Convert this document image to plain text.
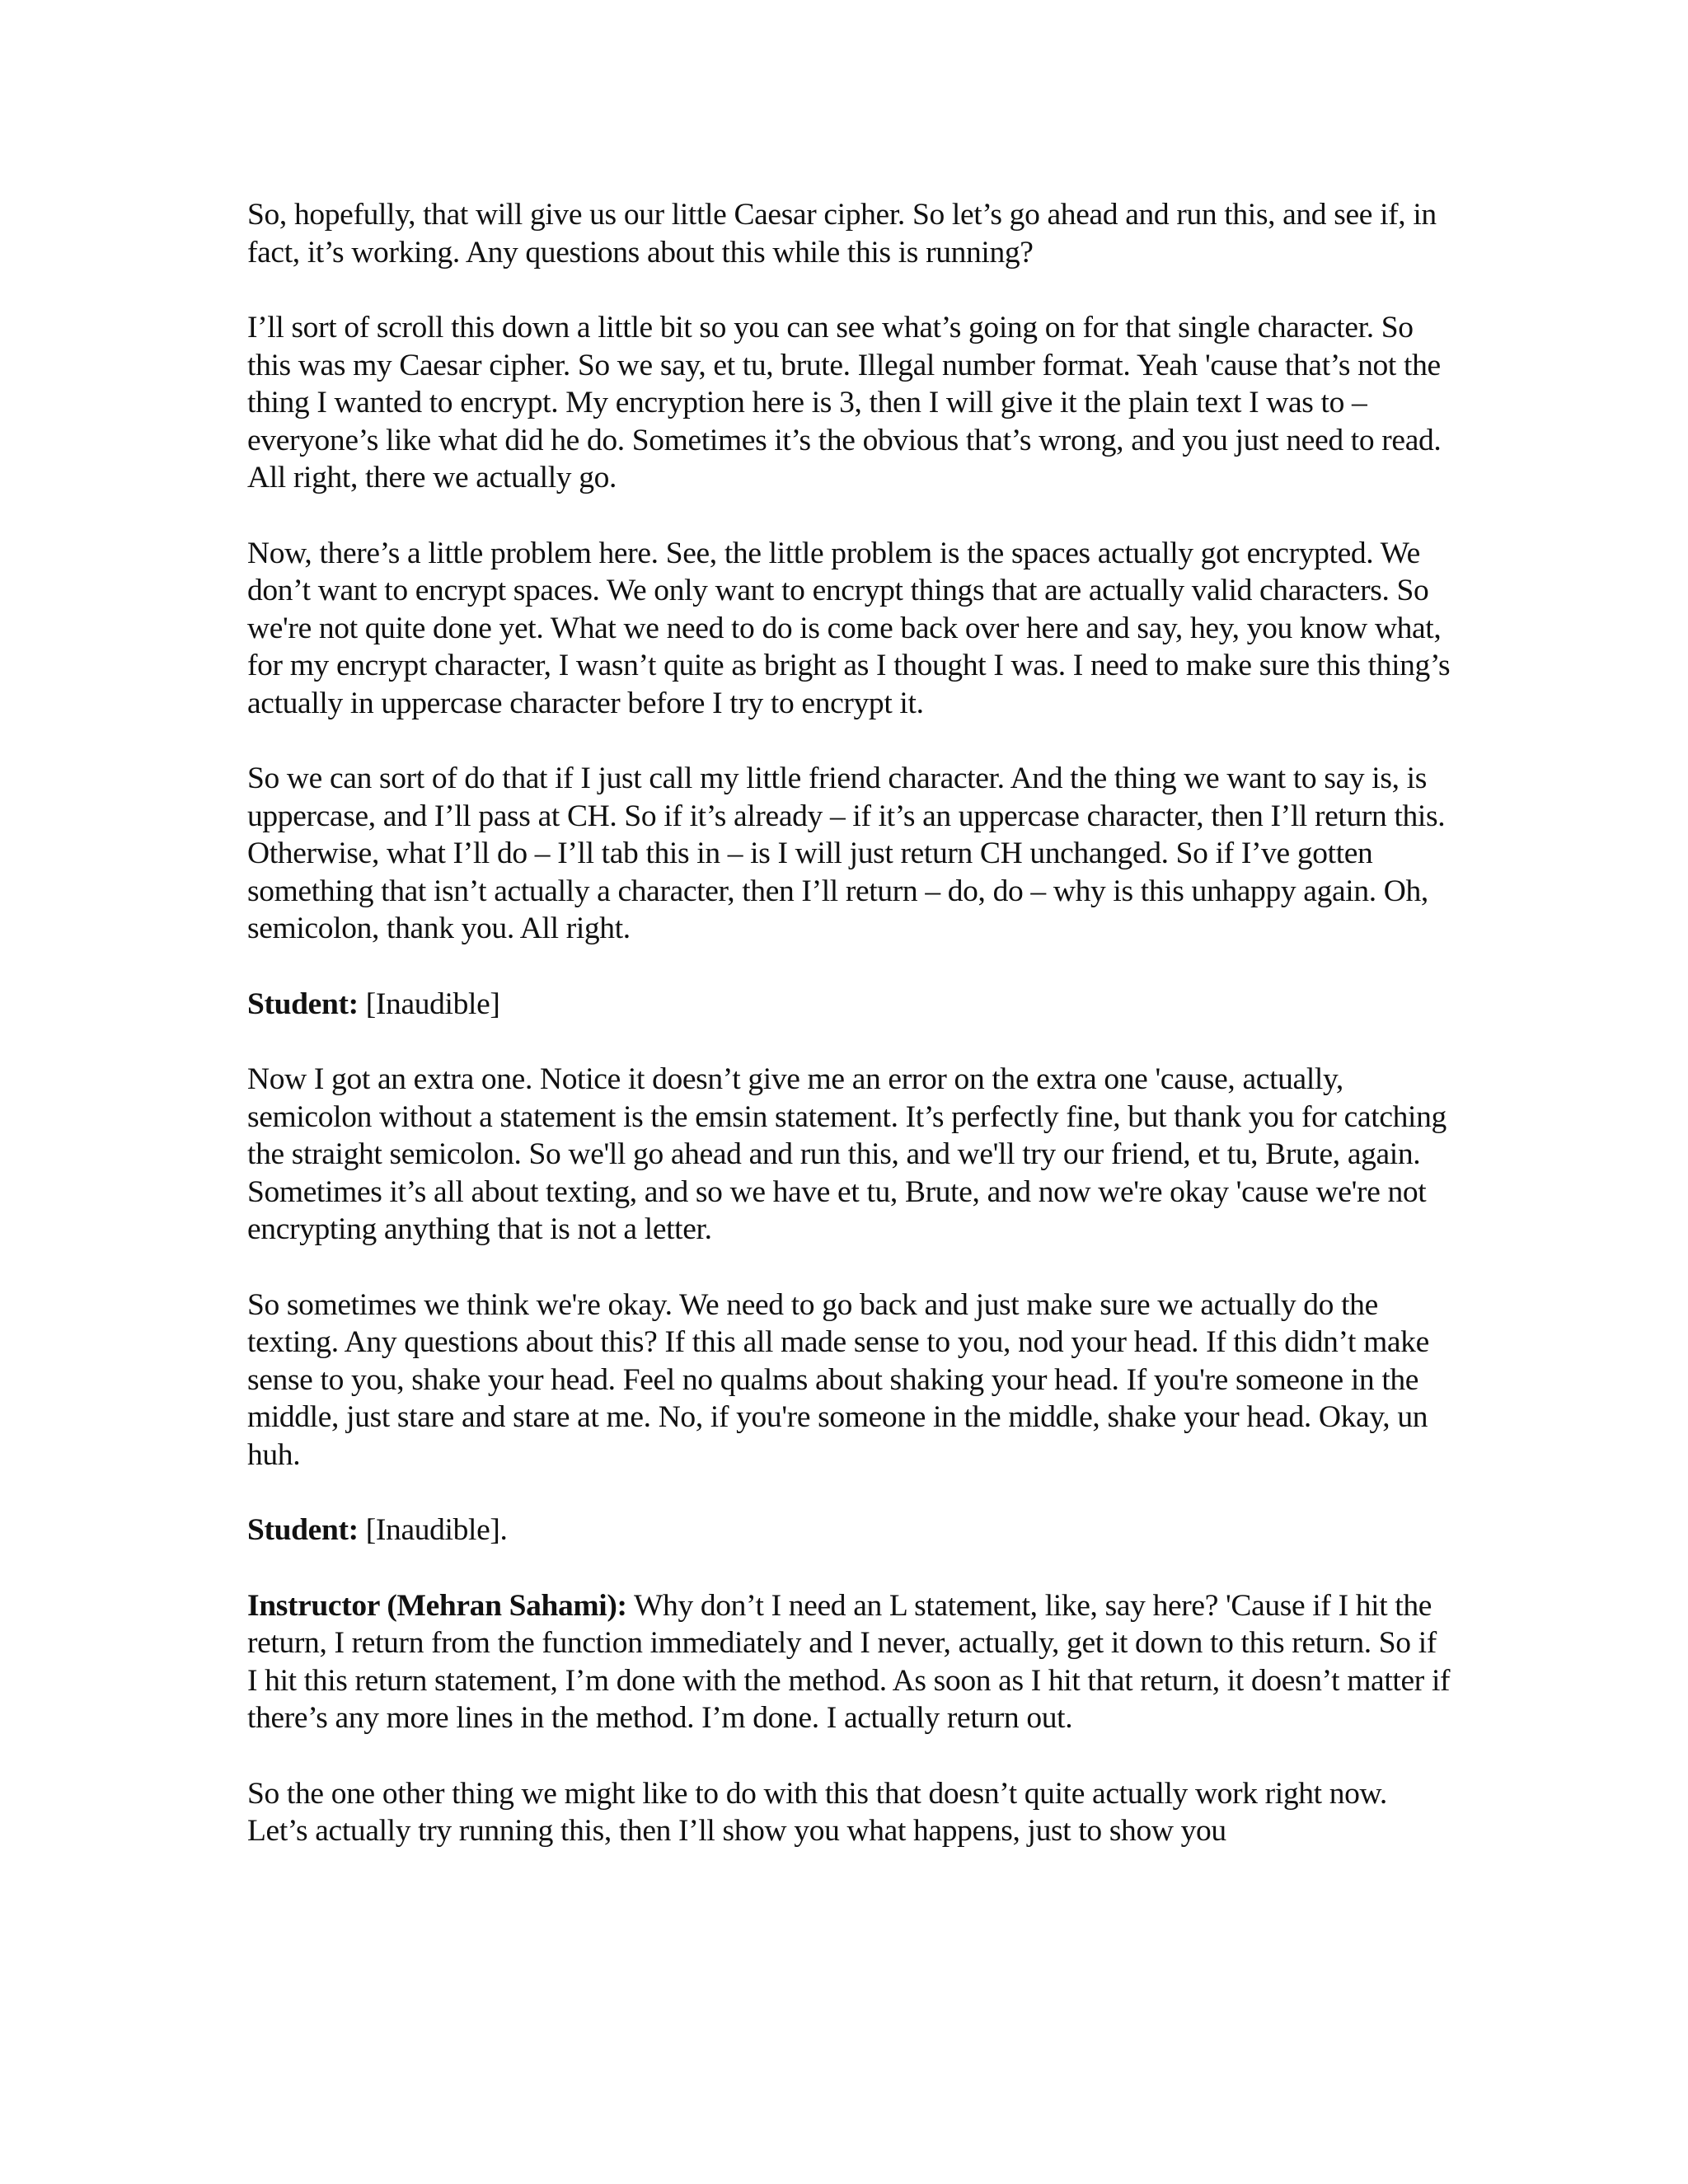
So, hopefully, that will give us our little Caesar cipher. So let’s go ahead and run this, and see if, in fact, it’s working. Any questions about this while this is running?

I’ll sort of scroll this down a little bit so you can see what’s going on for that single character. So this was my Caesar cipher. So we say, et tu, brute. Illegal number format. Yeah 'cause that’s not the thing I wanted to encrypt. My encryption here is 3, then I will give it the plain text I was to – everyone’s like what did he do. Sometimes it’s the obvious that’s wrong, and you just need to read. All right, there we actually go.

Now, there’s a little problem here. See, the little problem is the spaces actually got encrypted. We don’t want to encrypt spaces. We only want to encrypt things that are actually valid characters. So we're not quite done yet. What we need to do is come back over here and say, hey, you know what, for my encrypt character, I wasn’t quite as bright as I thought I was. I need to make sure this thing’s actually in uppercase character before I try to encrypt it.

So we can sort of do that if I just call my little friend character. And the thing we want to say is, is uppercase, and I’ll pass at CH. So if it’s already – if it’s an uppercase character, then I’ll return this. Otherwise, what I’ll do – I’ll tab this in – is I will just return CH unchanged. So if I’ve gotten something that isn’t actually a character, then I’ll return – do, do – why is this unhappy again. Oh, semicolon, thank you. All right.

Student: [Inaudible]

Now I got an extra one. Notice it doesn’t give me an error on the extra one 'cause, actually, semicolon without a statement is the emsin statement. It’s perfectly fine, but thank you for catching the straight semicolon. So we'll go ahead and run this, and we'll try our friend, et tu, Brute, again. Sometimes it’s all about texting, and so we have et tu, Brute, and now we're okay 'cause we're not encrypting anything that is not a letter.

So sometimes we think we're okay. We need to go back and just make sure we actually do the texting. Any questions about this? If this all made sense to you, nod your head. If this didn’t make sense to you, shake your head. Feel no qualms about shaking your head. If you're someone in the middle, just stare and stare at me. No, if you're someone in the middle, shake your head. Okay, un huh.

Student: [Inaudible].

Instructor (Mehran Sahami): Why don’t I need an L statement, like, say here? 'Cause if I hit the return, I return from the function immediately and I never, actually, get it down to this return. So if I hit this return statement, I’m done with the method. As soon as I hit that return, it doesn’t matter if there’s any more lines in the method. I’m done. I actually return out.

So the one other thing we might like to do with this that doesn’t quite actually work right now. Let’s actually try running this, then I’ll show you what happens, just to show you
